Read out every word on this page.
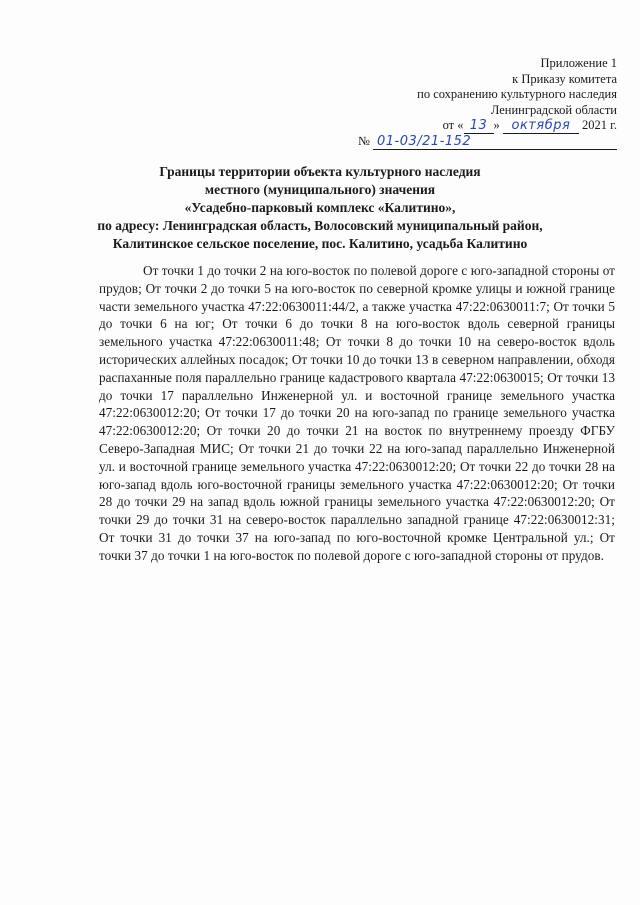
Приложение 1
к Приказу комитета
по сохранению культурного наследия
Ленинградской области
от « 13 » октября 2021 г.
№ 01-03/21-152
Границы территории объекта культурного наследия
местного (муниципального) значения
«Усадебно-парковый комплекс «Калитино»,
по адресу: Ленинградская область, Волосовский муниципальный район,
Калитинское сельское поселение, пос. Калитино, усадьба Калитино

От точки 1 до точки 2 на юго-восток по полевой дороге с юго-западной стороны от прудов; От точки 2 до точки 5 на юго-восток по северной кромке улицы и южной границе части земельного участка 47:22:0630011:44/2, а также участка 47:22:0630011:7; От точки 5 до точки 6 на юг; От точки 6 до точки 8 на юго-восток вдоль северной границы земельного участка 47:22:0630011:48; От точки 8 до точки 10 на северо-восток вдоль исторических аллейных посадок; От точки 10 до точки 13 в северном направлении, обходя распаханные поля параллельно границе кадастрового квартала 47:22:0630015; От точки 13 до точки 17 параллельно Инженерной ул. и восточной границе земельного участка 47:22:0630012:20; От точки 17 до точки 20 на юго-запад по границе земельного участка 47:22:0630012:20; От точки 20 до точки 21 на восток по внутреннему проезду ФГБУ Северо-Западная МИС; От точки 21 до точки 22 на юго-запад параллельно Инженерной ул. и восточной границе земельного участка 47:22:0630012:20; От точки 22 до точки 28 на юго-запад вдоль юго-восточной границы земельного участка 47:22:0630012:20; От точки 28 до точки 29 на запад вдоль южной границы земельного участка 47:22:0630012:20; От точки 29 до точки 31 на северо-восток параллельно западной границе 47:22:0630012:31; От точки 31 до точки 37 на юго-запад по юго-восточной кромке Центральной ул.; От точки 37 до точки 1 на юго-восток по полевой дороге с юго-западной стороны от прудов.
